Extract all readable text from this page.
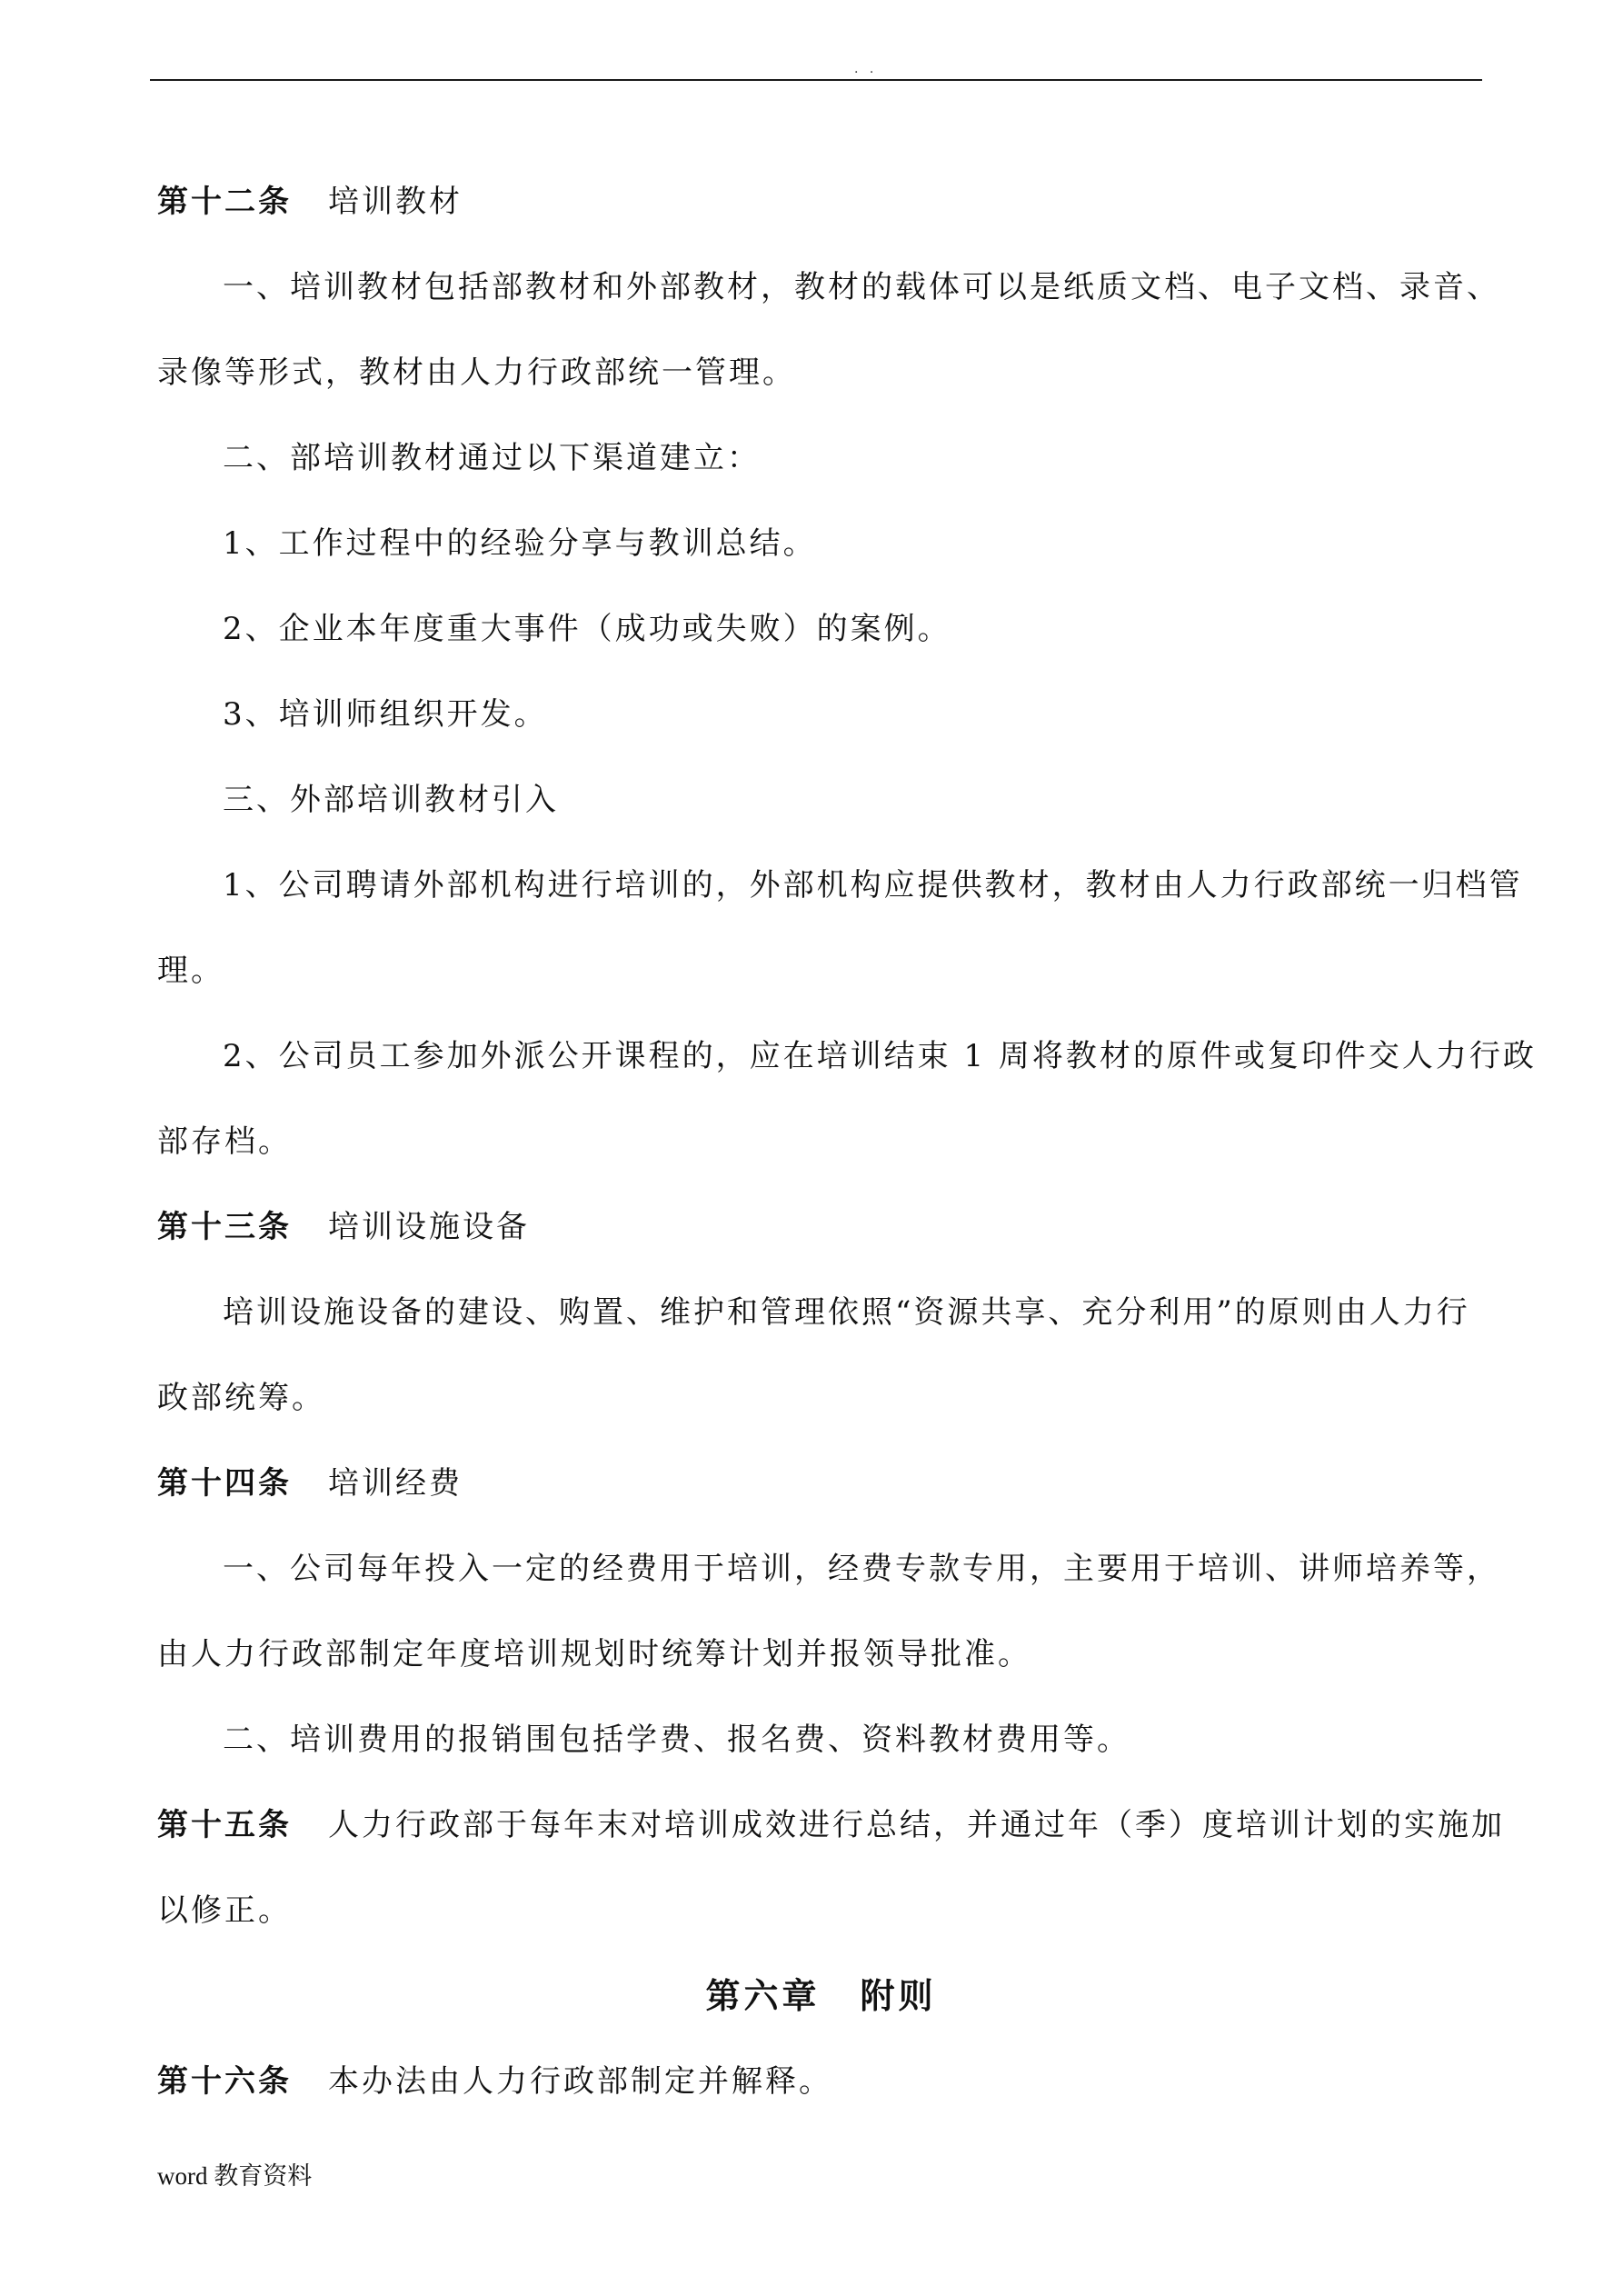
. .

第十二条 培训教材

一、培训教材包括部教材和外部教材，教材的载体可以是纸质文档、电子文档、录音、

录像等形式，教材由人力行政部统一管理。

二、部培训教材通过以下渠道建立：

1、工作过程中的经验分享与教训总结。

2、企业本年度重大事件（成功或失败）的案例。

3、培训师组织开发。

三、外部培训教材引入

1、公司聘请外部机构进行培训的，外部机构应提供教材，教材由人力行政部统一归档管

理。

2、公司员工参加外派公开课程的，应在培训结束 1 周将教材的原件或复印件交人力行政

部存档。

第十三条 培训设施设备

培训设施设备的建设、购置、维护和管理依照“资源共享、充分利用”的原则由人力行

政部统筹。

第十四条 培训经费

一、公司每年投入一定的经费用于培训，经费专款专用，主要用于培训、讲师培养等，

由人力行政部制定年度培训规划时统筹计划并报领导批准。

二、培训费用的报销围包括学费、报名费、资料教材费用等。

第十五条 人力行政部于每年末对培训成效进行总结，并通过年（季）度培训计划的实施加

以修正。

第六章 附则

第十六条 本办法由人力行政部制定并解释。

word 教育资料
